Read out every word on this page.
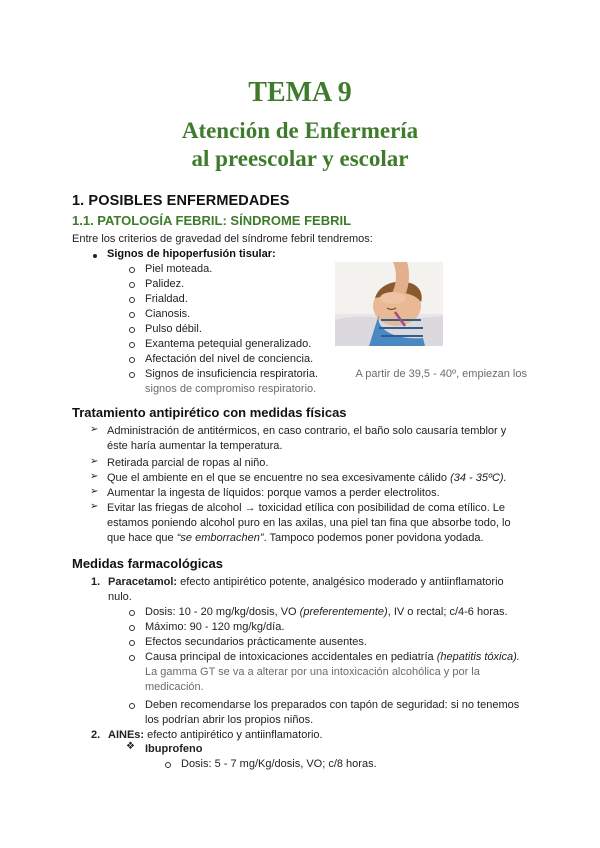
TEMA 9
Atención de Enfermería
al preescolar y escolar
1. POSIBLES ENFERMEDADES
1.1. PATOLOGÍA FEBRIL: SÍNDROME FEBRIL
Entre los criterios de gravedad del síndrome febril tendremos:
Signos de hipoperfusión tisular:
Piel moteada.
Palidez.
Frialdad.
Cianosis.
Pulso débil.
Exantema petequial generalizado.
Afectación del nivel de conciencia.
Signos de insuficiencia respiratoria.	A partir de 39,5 - 40º, empiezan los
signos de compromiso respiratorio.
Tratamiento antipirético con medidas físicas
➢ Administración de antitérmicos, en caso contrario, el baño solo causaría temblor y
éste haría aumentar la temperatura.
➢ Retirada parcial de ropas al niño.
➢ Que el ambiente en el que se encuentre no sea excesivamente cálido (34 - 35ºC).
➢ Aumentar la ingesta de líquidos: porque vamos a perder electrolitos.
➢ Evitar las friegas de alcohol → toxicidad etílica con posibilidad de coma etílico. Le
estamos poniendo alcohol puro en las axilas, una piel tan fina que absorbe todo, lo
que hace que “se emborrachen”. Tampoco podemos poner povidona yodada.
Medidas farmacológicas
1. Paracetamol: efecto antipirético potente, analgésico moderado y antiinflamatorio
nulo.
Dosis: 10 - 20 mg/kg/dosis, VO (preferentemente), IV o rectal; c/4-6 horas.
Máximo: 90 - 120 mg/kg/día.
Efectos secundarios prácticamente ausentes.
Causa principal de intoxicaciones accidentales en pediatría (hepatitis tóxica).
La gamma GT se va a alterar por una intoxicación alcohólica y por la
medicación.
Deben recomendarse los preparados con tapón de seguridad: si no tenemos
los podrían abrir los propios niños.
2. AINEs: efecto antipirético y antiinflamatorio.
❖ Ibuprofeno
Dosis: 5 - 7 mg/Kg/dosis, VO; c/8 horas.
